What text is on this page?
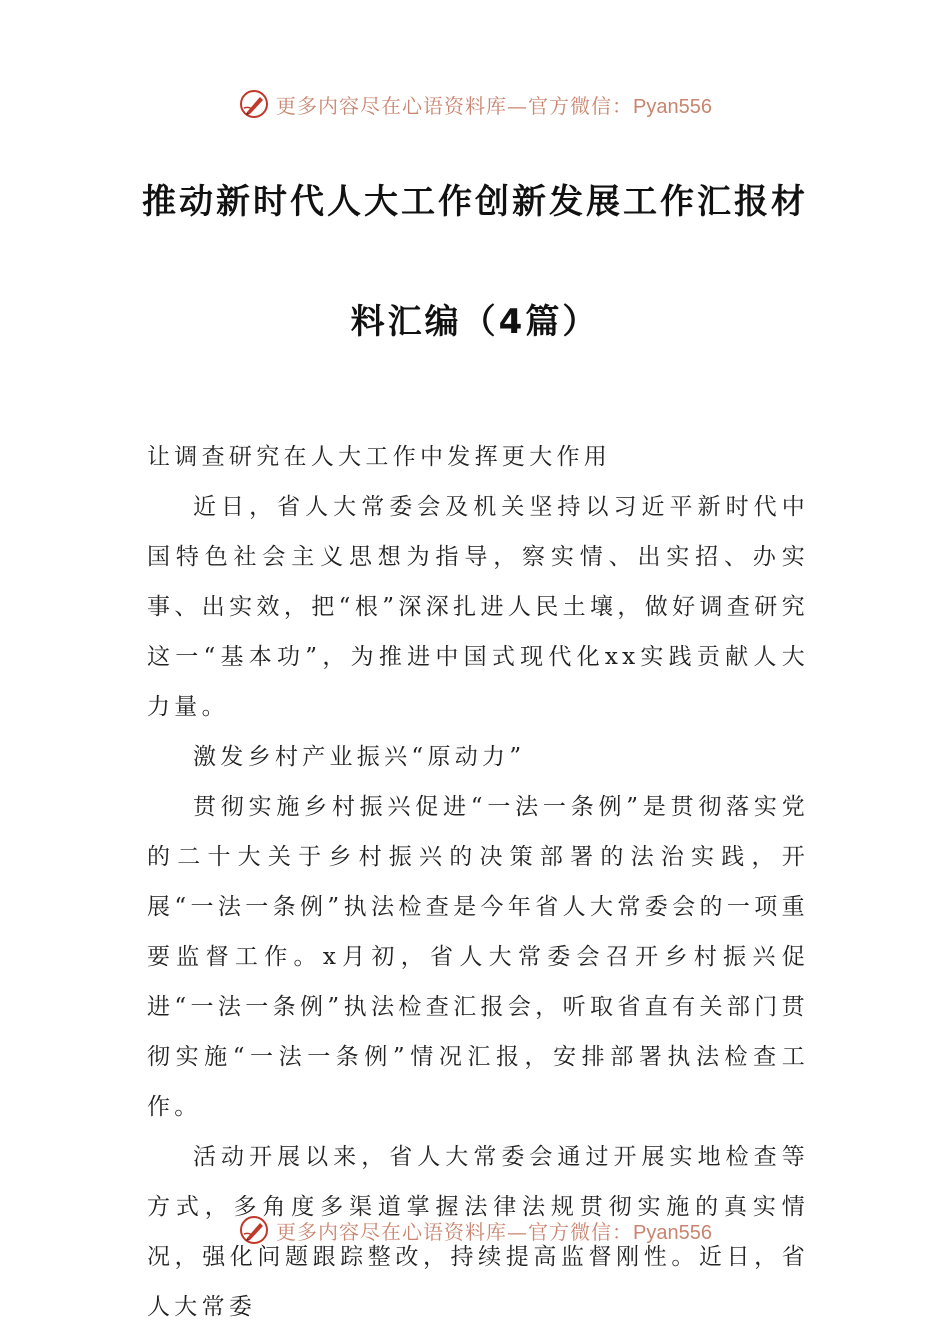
更多内容尽在心语资料库—官方微信：Pyan556
推动新时代人大工作创新发展工作汇报材
料汇编（4篇）

让调查研究在人大工作中发挥更大作用

近日，省人大常委会及机关坚持以习近平新时代中国特色社会主义思想为指导，察实情、出实招、办实事、出实效，把“根”深深扎进人民土壤，做好调查研究这一“基本功”，为推进中国式现代化xx实践贡献人大力量。

激发乡村产业振兴“原动力”

贯彻实施乡村振兴促进“一法一条例”是贯彻落实党的二十大关于乡村振兴的决策部署的法治实践，开展“一法一条例”执法检查是今年省人大常委会的一项重要监督工作。x月初，省人大常委会召开乡村振兴促进“一法一条例”执法检查汇报会，听取省直有关部门贯彻实施“一法一条例”情况汇报，安排部署执法检查工作。

活动开展以来，省人大常委会通过开展实地检查等方式，多角度多渠道掌握法律法规贯彻实施的真实情况，强化问题跟踪整改，持续提高监督刚性。近日，省人大常委

更多内容尽在心语资料库—官方微信：Pyan556
